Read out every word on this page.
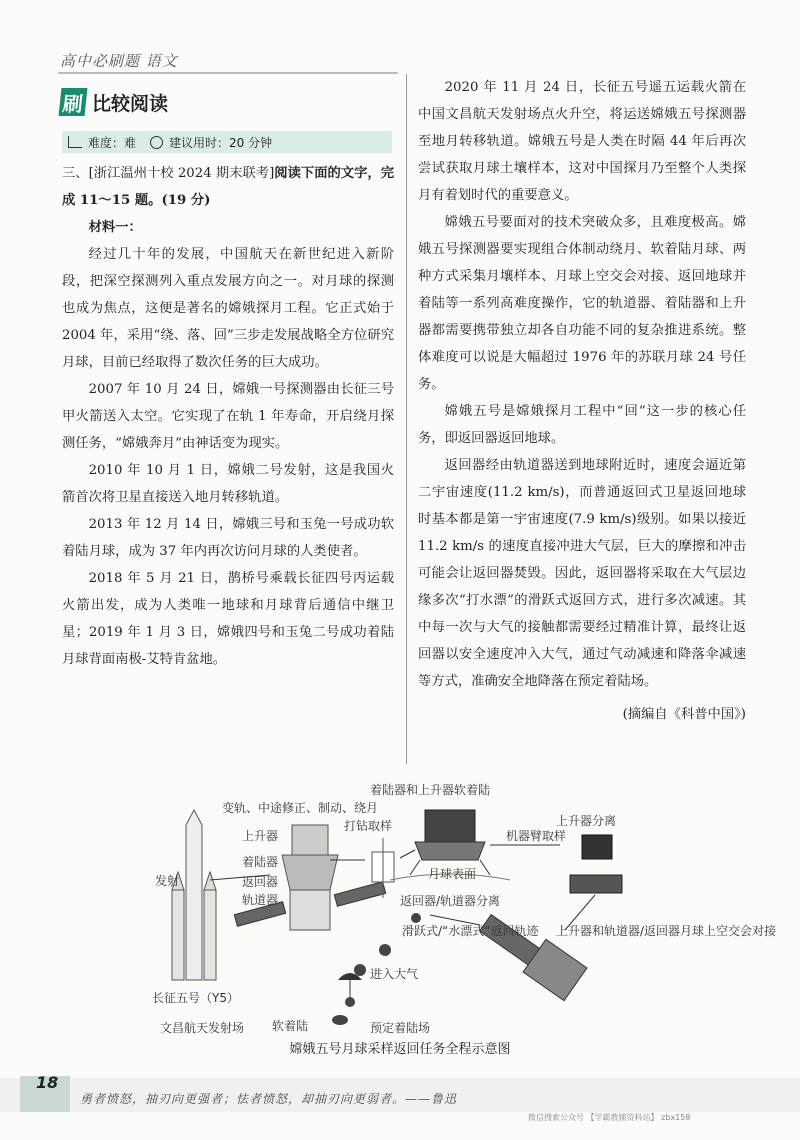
高中必刷题 语文
刷 比较阅读
难度：难	建议用时：20 分钟

三、[浙江温州十校 2024 期末联考]阅读下面的文字，完成 11～15 题。(19 分)

材料一：

经过几十年的发展，中国航天在新世纪进入新阶段，把深空探测列入重点发展方向之一。对月球的探测也成为焦点，这便是著名的嫦娥探月工程。它正式始于 2004 年，采用“绕、落、回”三步走发展战略全方位研究月球，目前已经取得了数次任务的巨大成功。

2007 年 10 月 24 日，嫦娥一号探测器由长征三号甲火箭送入太空。它实现了在轨 1 年寿命，开启绕月探测任务，“嫦娥奔月”由神话变为现实。

2010 年 10 月 1 日，嫦娥二号发射，这是我国火箭首次将卫星直接送入地月转移轨道。

2013 年 12 月 14 日，嫦娥三号和玉兔一号成功软着陆月球，成为 37 年内再次访问月球的人类使者。

2018 年 5 月 21 日，鹊桥号乘载长征四号丙运载火箭出发，成为人类唯一地球和月球背后通信中继卫星；2019 年 1 月 3 日，嫦娥四号和玉兔二号成功着陆月球背面南极-艾特肯盆地。

2020 年 11 月 24 日，长征五号遥五运载火箭在中国文昌航天发射场点火升空，将运送嫦娥五号探测器至地月转移轨道。嫦娥五号是人类在时隔 44 年后再次尝试获取月球土壤样本，这对中国探月乃至整个人类探月有着划时代的重要意义。

嫦娥五号要面对的技术突破众多，且难度极高。嫦娥五号探测器要实现组合体制动绕月、软着陆月球、两种方式采集月壤样本、月球上空交会对接、返回地球并着陆等一系列高难度操作，它的轨道器、着陆器和上升器都需要携带独立却各自功能不同的复杂推进系统。整体难度可以说是大幅超过 1976 年的苏联月球 24 号任务。

嫦娥五号是嫦娥探月工程中“回”这一步的核心任务，即返回器返回地球。

返回器经由轨道器送到地球附近时，速度会逼近第二宇宙速度(11.2 km/s)，而普通返回式卫星返回地球时基本都是第一宇宙速度(7.9 km/s)级别。如果以接近 11.2 km/s 的速度直接冲进大气层，巨大的摩擦和冲击可能会让返回器焚毁。因此，返回器将采取在大气层边缘多次“打水漂”的滑跃式返回方式，进行多次减速。其中每一次与大气的接触都需要经过精准计算，最终让返回器以安全速度冲入大气，通过气动减速和降落伞减速等方式，准确安全地降落在预定着陆场。

(摘编自《科普中国》)
发射
长征五号（Y5）
文昌航天发射场
变轨、中途修正、制动、绕月
上升器
着陆器
返回器
轨道器
打钻取样
着陆器和上升器软着陆
月球表面
机器臂取样
上升器分离
返回器/轨道器分离
上升器和轨道器/返回器月球上空交会对接
滑跃式/“水漂式”返回轨迹
进入大气
软着陆	预定着陆场
嫦娥五号月球采样返回任务全程示意图
18
勇者愤怒，抽刃向更强者；怯者愤怒，却抽刃向更弱者。——鲁迅
微信搜索公众号 【学霸教辅资料站】 zbx158
